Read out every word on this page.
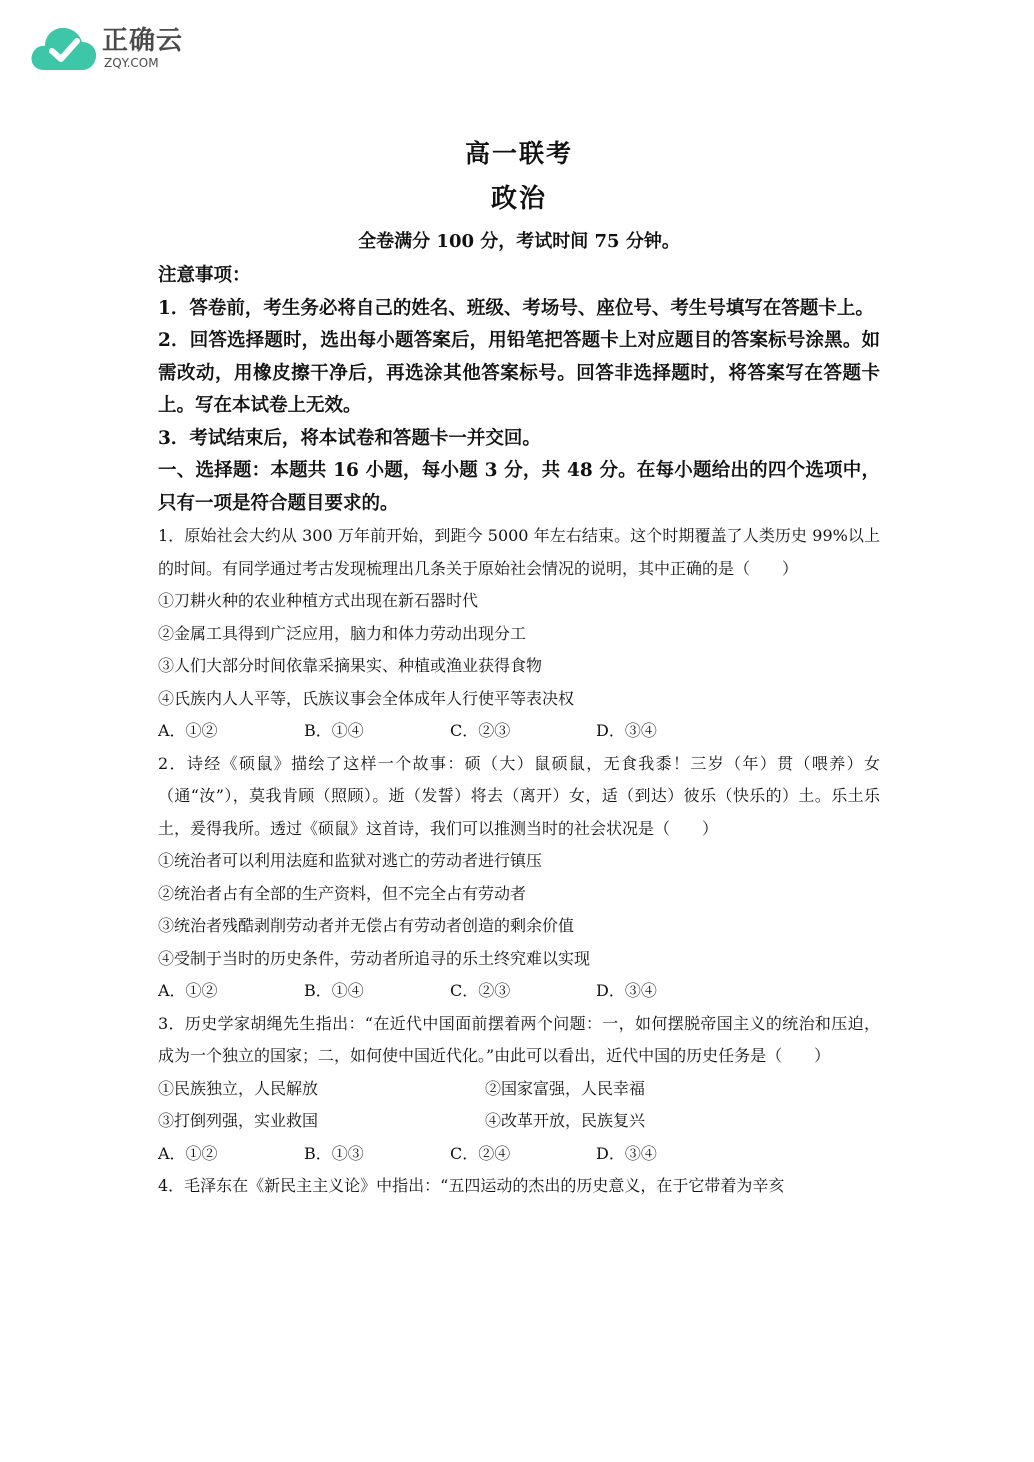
正确云
ZQY.COM
高一联考
政治
全卷满分 100 分，考试时间 75 分钟。

注意事项：

1．答卷前，考生务必将自己的姓名、班级、考场号、座位号、考生号填写在答题卡上。

2．回答选择题时，选出每小题答案后，用铅笔把答题卡上对应题目的答案标号涂黑。如需改动，用橡皮擦干净后，再选涂其他答案标号。回答非选择题时，将答案写在答题卡上。写在本试卷上无效。

3．考试结束后，将本试卷和答题卡一并交回。

一、选择题：本题共 16 小题，每小题 3 分，共 48 分。在每小题给出的四个选项中，只有一项是符合题目要求的。

1．原始社会大约从 300 万年前开始，到距今 5000 年左右结束。这个时期覆盖了人类历史 99%以上的时间。有同学通过考古发现梳理出几条关于原始社会情况的说明，其中正确的是（　　）

①刀耕火种的农业种植方式出现在新石器时代

②金属工具得到广泛应用，脑力和体力劳动出现分工

③人们大部分时间依靠采摘果实、种植或渔业获得食物

④氏族内人人平等，氏族议事会全体成年人行使平等表决权

A．①②	B．①④	C．②③	D．③④

2．诗经《硕鼠》描绘了这样一个故事：硕（大）鼠硕鼠，无食我黍！三岁（年）贯（喂养）女（通“汝”），莫我肯顾（照顾）。逝（发誓）将去（离开）女，适（到达）彼乐（快乐的）土。乐土乐土，爰得我所。透过《硕鼠》这首诗，我们可以推测当时的社会状况是（　　）

①统治者可以利用法庭和监狱对逃亡的劳动者进行镇压

②统治者占有全部的生产资料，但不完全占有劳动者

③统治者残酷剥削劳动者并无偿占有劳动者创造的剩余价值

④受制于当时的历史条件，劳动者所追寻的乐土终究难以实现

A．①②	B．①④	C．②③	D．③④

3．历史学家胡绳先生指出：“在近代中国面前摆着两个问题：一，如何摆脱帝国主义的统治和压迫，成为一个独立的国家；二，如何使中国近代化。”由此可以看出，近代中国的历史任务是（　　）

①民族独立，人民解放	②国家富强，人民幸福
③打倒列强，实业救国	④改革开放，民族复兴
A．①②	B．①③	C．②④	D．③④

4．毛泽东在《新民主主义论》中指出：“五四运动的杰出的历史意义，在于它带着为辛亥
